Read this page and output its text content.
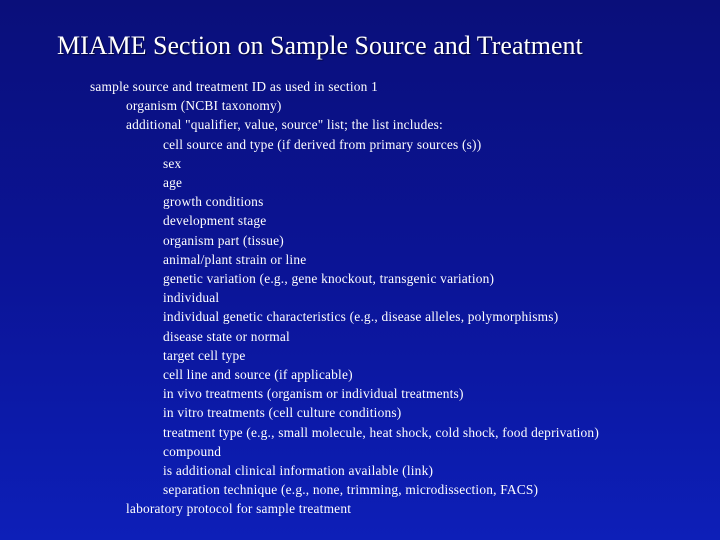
MIAME Section on Sample Source and Treatment
sample source and treatment ID as used in section 1
organism (NCBI taxonomy)
additional "qualifier, value, source" list; the list includes:
cell source and type (if derived from primary sources (s))
sex
age
growth conditions
development stage
organism part (tissue)
animal/plant strain or line
genetic variation (e.g., gene knockout, transgenic variation)
individual
individual genetic characteristics (e.g., disease alleles, polymorphisms)
disease state or normal
target cell type
cell line and source (if applicable)
in vivo treatments (organism or individual treatments)
in vitro treatments (cell culture conditions)
treatment type (e.g., small molecule, heat shock, cold shock, food deprivation)
compound
is additional clinical information available (link)
separation technique (e.g., none, trimming, microdissection, FACS)
laboratory protocol for sample treatment
